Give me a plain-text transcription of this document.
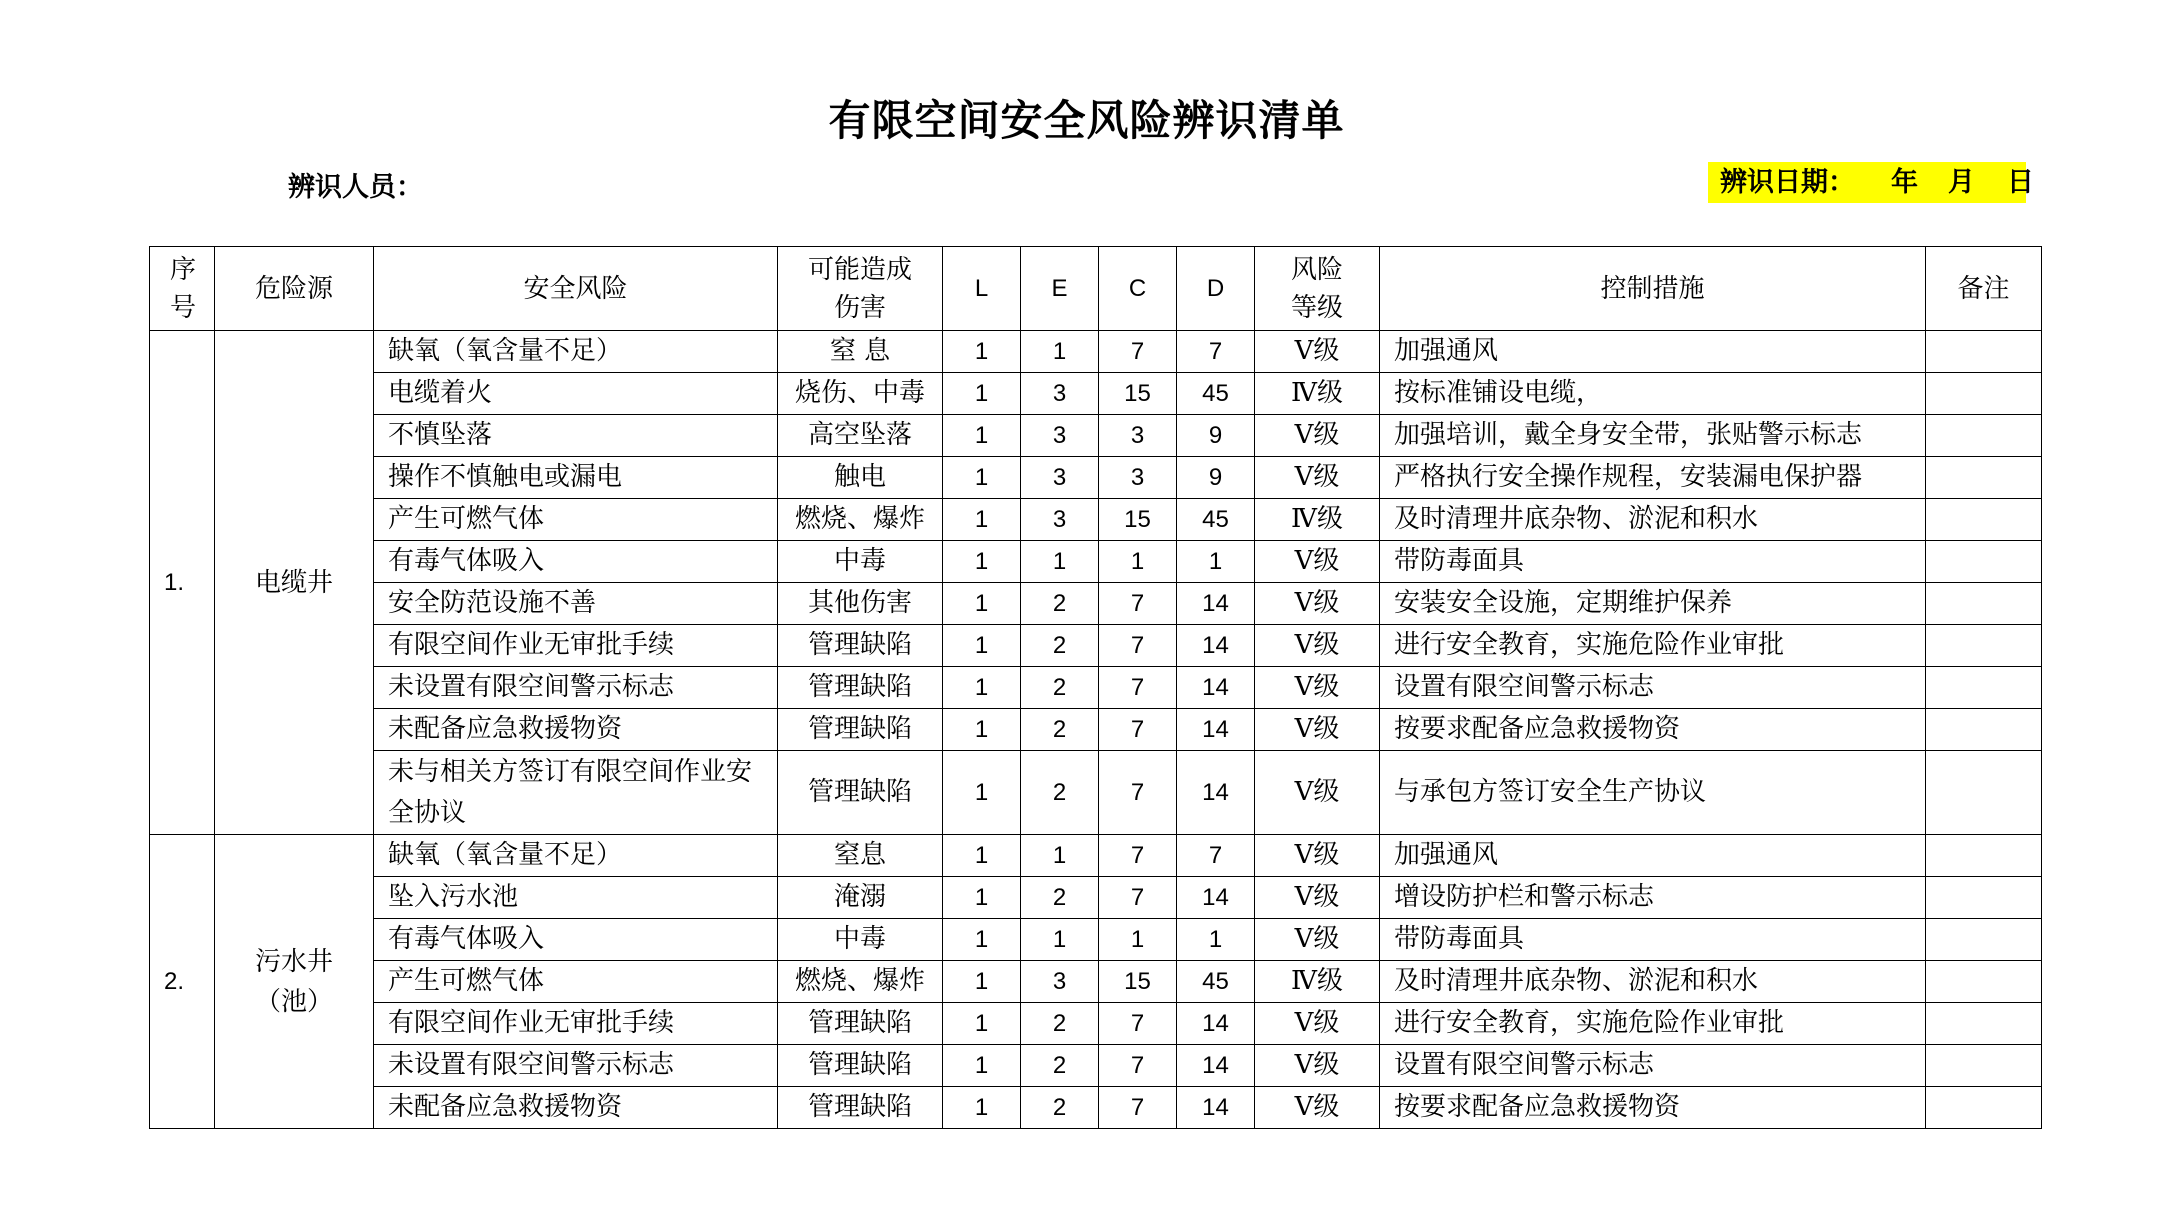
有限空间安全风险辨识清单
辨识人员：	辨识日期： 年 月 日
序号	危险源	安全风险	可能造成伤害	L	E	C	D	风险等级	控制措施	备注
1.	电缆井	缺氧（氧含量不足）	窒 息	1	1	7	7	Ⅴ级	加强通风	
		电缆着火	烧伤、中毒	1	3	15	45	Ⅳ级	按标准铺设电缆，	
		不慎坠落	高空坠落	1	3	3	9	Ⅴ级	加强培训，戴全身安全带，张贴警示标志	
		操作不慎触电或漏电	触电	1	3	3	9	Ⅴ级	严格执行安全操作规程，安装漏电保护器	
		产生可燃气体	燃烧、爆炸	1	3	15	45	Ⅳ级	及时清理井底杂物、淤泥和积水	
		有毒气体吸入	中毒	1	1	1	1	Ⅴ级	带防毒面具	
		安全防范设施不善	其他伤害	1	2	7	14	Ⅴ级	安装安全设施，定期维护保养	
		有限空间作业无审批手续	管理缺陷	1	2	7	14	Ⅴ级	进行安全教育，实施危险作业审批	
		未设置有限空间警示标志	管理缺陷	1	2	7	14	Ⅴ级	设置有限空间警示标志	
		未配备应急救援物资	管理缺陷	1	2	7	14	Ⅴ级	按要求配备应急救援物资	
		未与相关方签订有限空间作业安全协议	管理缺陷	1	2	7	14	Ⅴ级	与承包方签订安全生产协议	
2.	污水井（池）	缺氧（氧含量不足）	窒息	1	1	7	7	Ⅴ级	加强通风	
		坠入污水池	淹溺	1	2	7	14	Ⅴ级	增设防护栏和警示标志	
		有毒气体吸入	中毒	1	1	1	1	Ⅴ级	带防毒面具	
		产生可燃气体	燃烧、爆炸	1	3	15	45	Ⅳ级	及时清理井底杂物、淤泥和积水	
		有限空间作业无审批手续	管理缺陷	1	2	7	14	Ⅴ级	进行安全教育，实施危险作业审批	
		未设置有限空间警示标志	管理缺陷	1	2	7	14	Ⅴ级	设置有限空间警示标志	
		未配备应急救援物资	管理缺陷	1	2	7	14	Ⅴ级	按要求配备应急救援物资	
